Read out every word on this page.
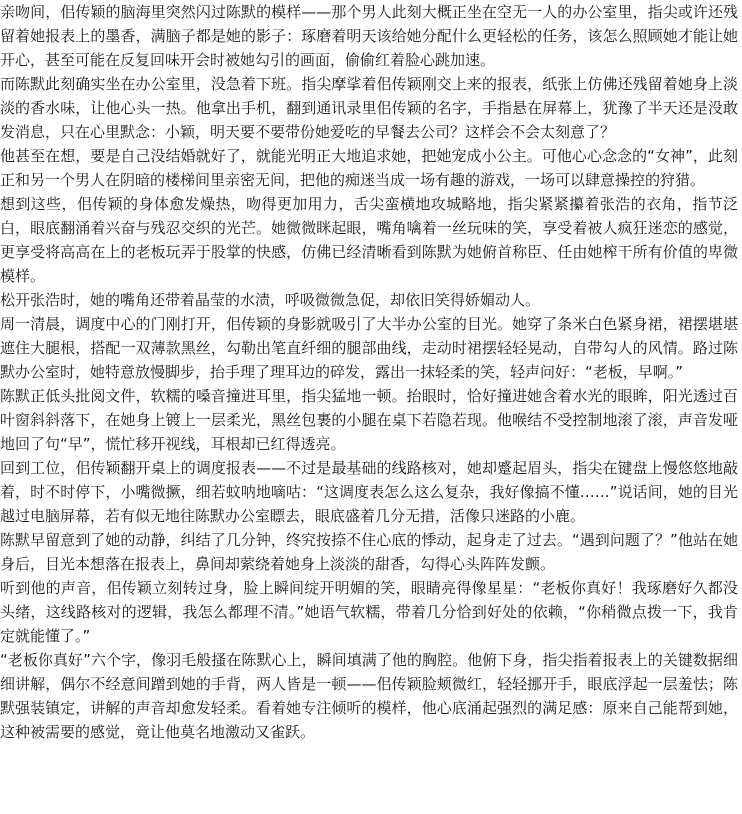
亲吻间，佀传颖的脑海里突然闪过陈默的模样——那个男人此刻大概正坐在空无一人的办公室里，指尖或许还残留着她报表上的墨香，满脑子都是她的影子：琢磨着明天该给她分配什么更轻松的任务，该怎么照顾她才能让她开心，甚至可能在反复回味开会时被她勾引的画面，偷偷红着脸心跳加速。

而陈默此刻确实坐在办公室里，没急着下班。指尖摩挲着佀传颖刚交上来的报表，纸张上仿佛还残留着她身上淡淡的香水味，让他心头一热。他拿出手机，翻到通讯录里佀传颖的名字，手指悬在屏幕上，犹豫了半天还是没敢发消息，只在心里默念：小颖，明天要不要带份她爱吃的早餐去公司？这样会不会太刻意了？

他甚至在想，要是自己没结婚就好了，就能光明正大地追求她，把她宠成小公主。可他心心念念的“女神”，此刻正和另一个男人在阴暗的楼梯间里亲密无间，把他的痴迷当成一场有趣的游戏，一场可以肆意操控的狩猎。

想到这些，佀传颖的身体愈发燥热，吻得更加用力，舌尖蛮横地攻城略地，指尖紧紧攥着张浩的衣角，指节泛白，眼底翻涌着兴奋与残忍交织的光芒。她微微眯起眼，嘴角噙着一丝玩味的笑，享受着被人疯狂迷恋的感觉，更享受将高高在上的老板玩弄于股掌的快感，仿佛已经清晰看到陈默为她俯首称臣、任由她榨干所有价值的卑微模样。

松开张浩时，她的嘴角还带着晶莹的水渍，呼吸微微急促，却依旧笑得娇媚动人。

周一清晨，调度中心的门刚打开，佀传颖的身影就吸引了大半办公室的目光。她穿了条米白色紧身裙，裙摆堪堪遮住大腿根，搭配一双薄款黑丝，勾勒出笔直纤细的腿部曲线，走动时裙摆轻轻晃动，自带勾人的风情。路过陈默办公室时，她特意放慢脚步，抬手理了理耳边的碎发，露出一抹轻柔的笑，轻声问好：“老板，早啊。”

陈默正低头批阅文件，软糯的嗓音撞进耳里，指尖猛地一顿。抬眼时，恰好撞进她含着水光的眼眸，阳光透过百叶窗斜斜落下，在她身上镀上一层柔光，黑丝包裹的小腿在桌下若隐若现。他喉结不受控制地滚了滚，声音发哑地回了句“早”，慌忙移开视线，耳根却已红得透亮。

回到工位，佀传颖翻开桌上的调度报表——不过是最基础的线路核对，她却蹙起眉头，指尖在键盘上慢悠悠地敲着，时不时停下，小嘴微撅，细若蚊呐地嘀咕：“这调度表怎么这么复杂，我好像搞不懂……”说话间，她的目光越过电脑屏幕，若有似无地往陈默办公室瞟去，眼底盛着几分无措，活像只迷路的小鹿。

陈默早留意到了她的动静，纠结了几分钟，终究按捺不住心底的悸动，起身走了过去。“遇到问题了？”他站在她身后，目光本想落在报表上，鼻间却萦绕着她身上淡淡的甜香，勾得心头阵阵发颤。

听到他的声音，佀传颖立刻转过身，脸上瞬间绽开明媚的笑，眼睛亮得像星星：“老板你真好！我琢磨好久都没头绪，这线路核对的逻辑，我怎么都理不清。”她语气软糯，带着几分恰到好处的依赖，“你稍微点拨一下，我肯定就能懂了。”

“老板你真好”六个字，像羽毛般搔在陈默心上，瞬间填满了他的胸腔。他俯下身，指尖指着报表上的关键数据细细讲解，偶尔不经意间蹭到她的手背，两人皆是一顿——佀传颖脸颊微红，轻轻挪开手，眼底浮起一层羞怯；陈默强装镇定，讲解的声音却愈发轻柔。看着她专注倾听的模样，他心底涌起强烈的满足感：原来自己能帮到她，这种被需要的感觉，竟让他莫名地激动又雀跃。
